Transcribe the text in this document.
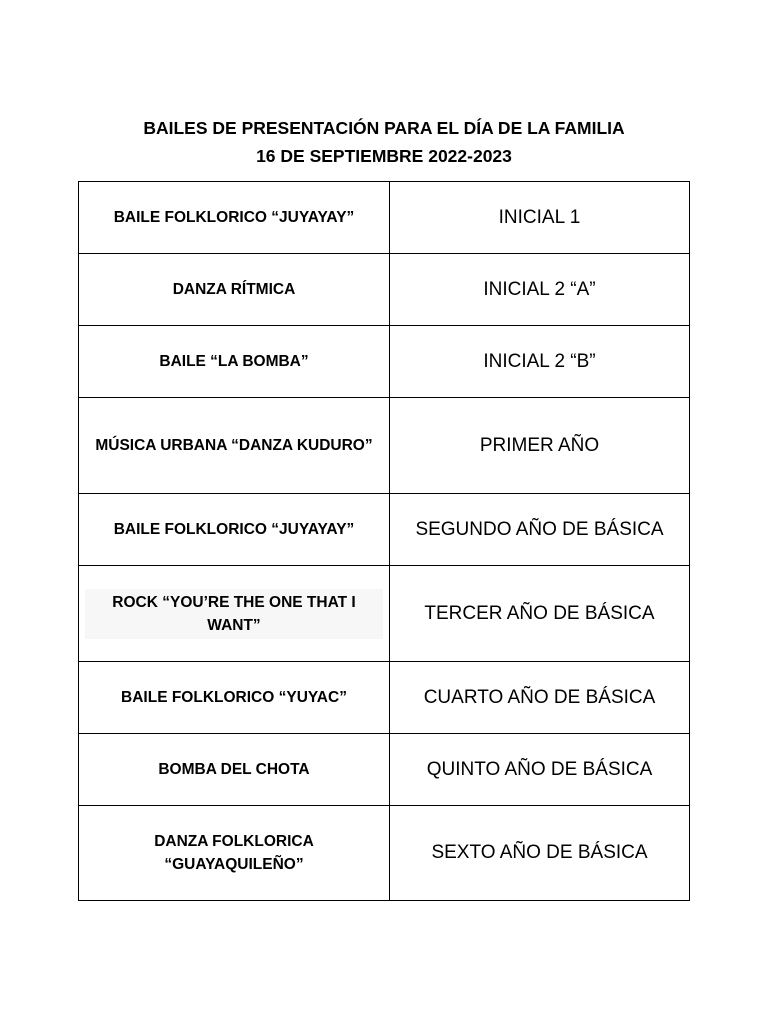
BAILES DE PRESENTACIÓN PARA EL DÍA DE LA FAMILIA
16 DE SEPTIEMBRE 2022-2023
BAILE FOLKLORICO “JUYAYAY”	INICIAL 1
DANZA RÍTMICA	INICIAL 2 “A”
BAILE “LA BOMBA”	INICIAL 2 “B”
MÚSICA URBANA “DANZA KUDURO”	PRIMER AÑO
BAILE FOLKLORICO “JUYAYAY”	SEGUNDO AÑO DE BÁSICA

ROCK “YOU’RE THE ONE THAT I WANT”	TERCER AÑO DE BÁSICA
BAILE FOLKLORICO “YUYAC”	CUARTO AÑO DE BÁSICA
BOMBA DEL CHOTA	QUINTO AÑO DE BÁSICA
DANZA FOLKLORICA “GUAYAQUILEÑO”	SEXTO AÑO DE BÁSICA
